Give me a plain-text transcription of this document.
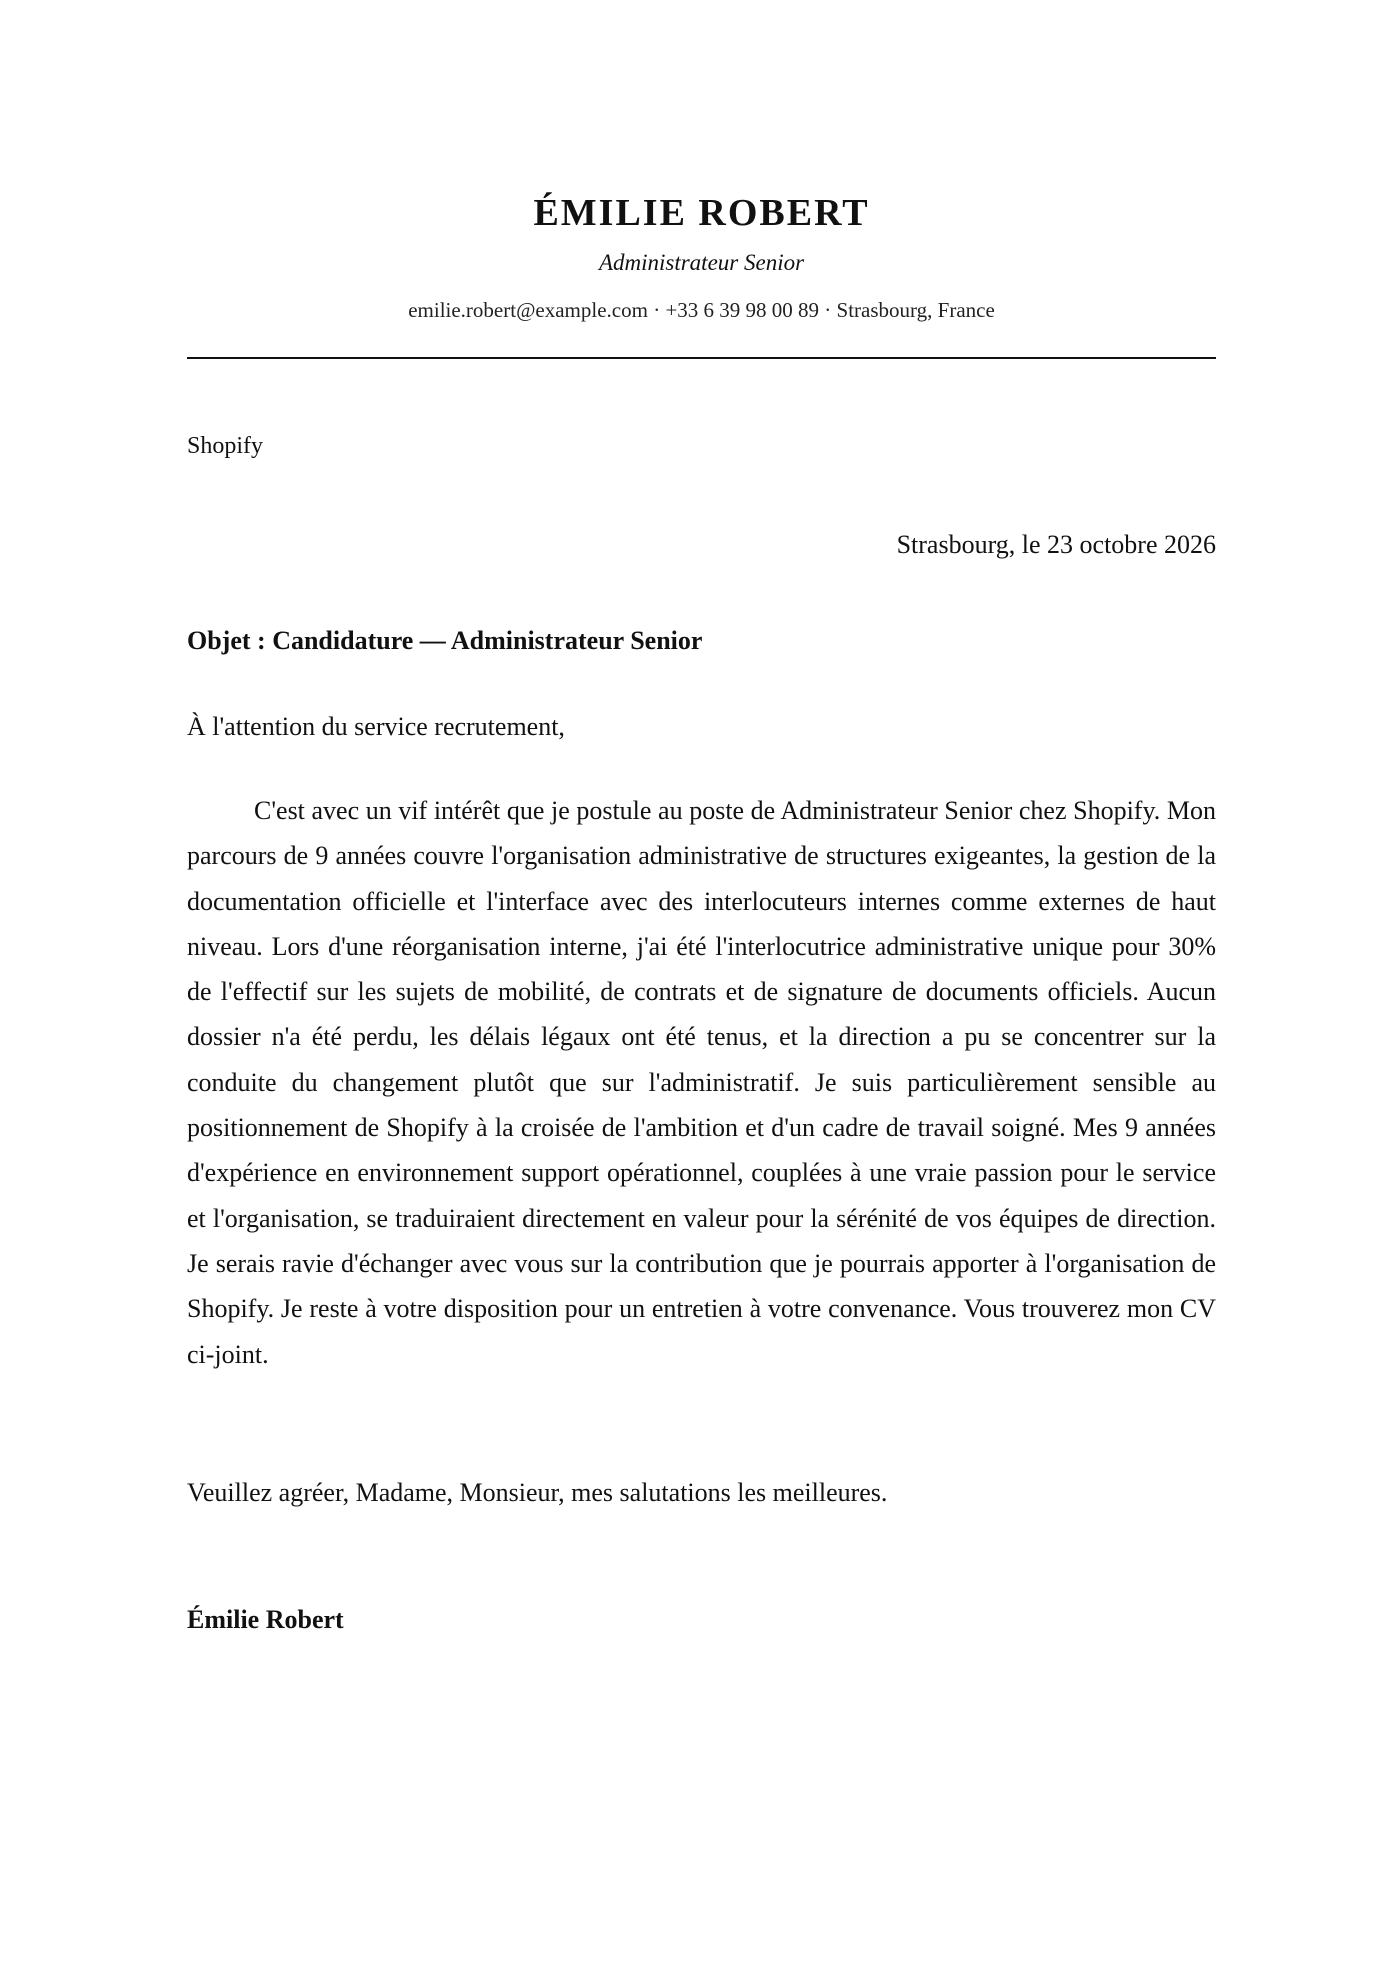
ÉMILIE ROBERT
Administrateur Senior
emilie.robert@example.com · +33 6 39 98 00 89 · Strasbourg, France
Shopify
Strasbourg, le 23 octobre 2026
Objet : Candidature — Administrateur Senior
À l'attention du service recrutement,

C'est avec un vif intérêt que je postule au poste de Administrateur Senior chez Shopify. Mon parcours de 9 années couvre l'organisation administrative de structures exigeantes, la gestion de la documentation officielle et l'interface avec des interlocuteurs internes comme externes de haut niveau. Lors d'une réorganisation interne, j'ai été l'interlocutrice administrative unique pour 30% de l'effectif sur les sujets de mobilité, de contrats et de signature de documents officiels. Aucun dossier n'a été perdu, les délais légaux ont été tenus, et la direction a pu se concentrer sur la conduite du changement plutôt que sur l'administratif. Je suis particulièrement sensible au positionnement de Shopify à la croisée de l'ambition et d'un cadre de travail soigné. Mes 9 années d'expérience en environnement support opérationnel, couplées à une vraie passion pour le service et l'organisation, se traduiraient directement en valeur pour la sérénité de vos équipes de direction. Je serais ravie d'échanger avec vous sur la contribution que je pourrais apporter à l'organisation de Shopify. Je reste à votre disposition pour un entretien à votre convenance. Vous trouverez mon CV ci-joint.

Veuillez agréer, Madame, Monsieur, mes salutations les meilleures.
Émilie Robert
